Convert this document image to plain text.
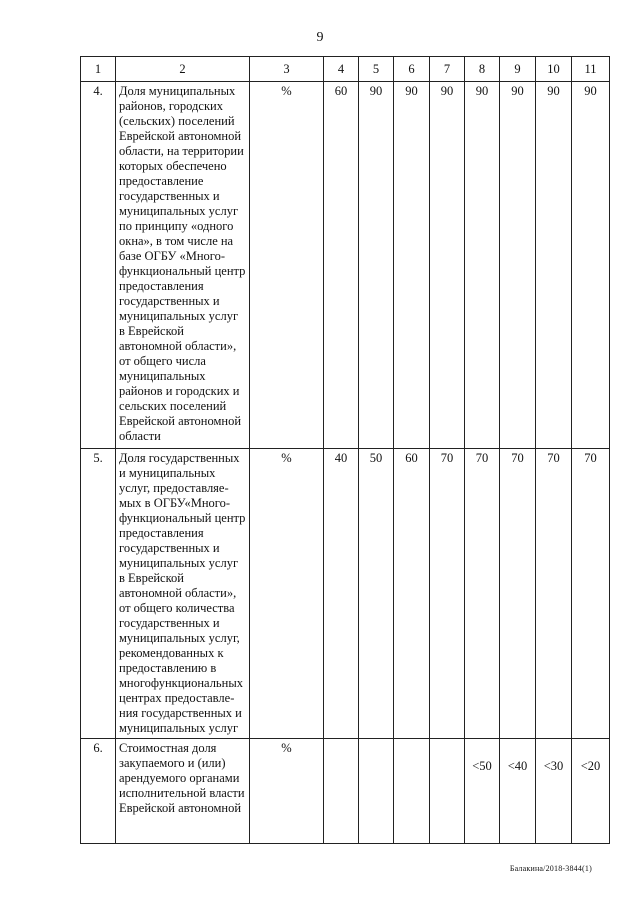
9
1	2	3	4	5	6	7	8	9	10	11
4.	Доля муниципальных районов, городских (сельских) поселений Еврейской автономной области, на территории которых обеспечено предоставление государственных и муниципальных услуг по принципу «одного окна», в том числе на базе ОГБУ «Много-функциональный центр предоставления государственных и муниципальных услуг в Еврейской автономной области», от общего числа муниципальных районов и городских и сельских поселений Еврейской автономной области	%	60	90	90	90	90	90	90	90
5.	Доля государственных и муниципальных услуг, предоставляе-мых в ОГБУ«Много-функциональный центр предоставления государственных и муниципальных услуг в Еврейской автономной области», от общего количества государственных и муниципальных услуг, рекомендованных к предоставлению в многофункциональных центрах предоставле-ния государственных и муниципальных услуг	%	40	50	60	70	70	70	70	70
6.	Стоимостная доля закупаемого и (или) арендуемого органами исполнительной власти Еврейской автономной	%					<50	<40	<30	<20
Балакина/2018-3844(1)
